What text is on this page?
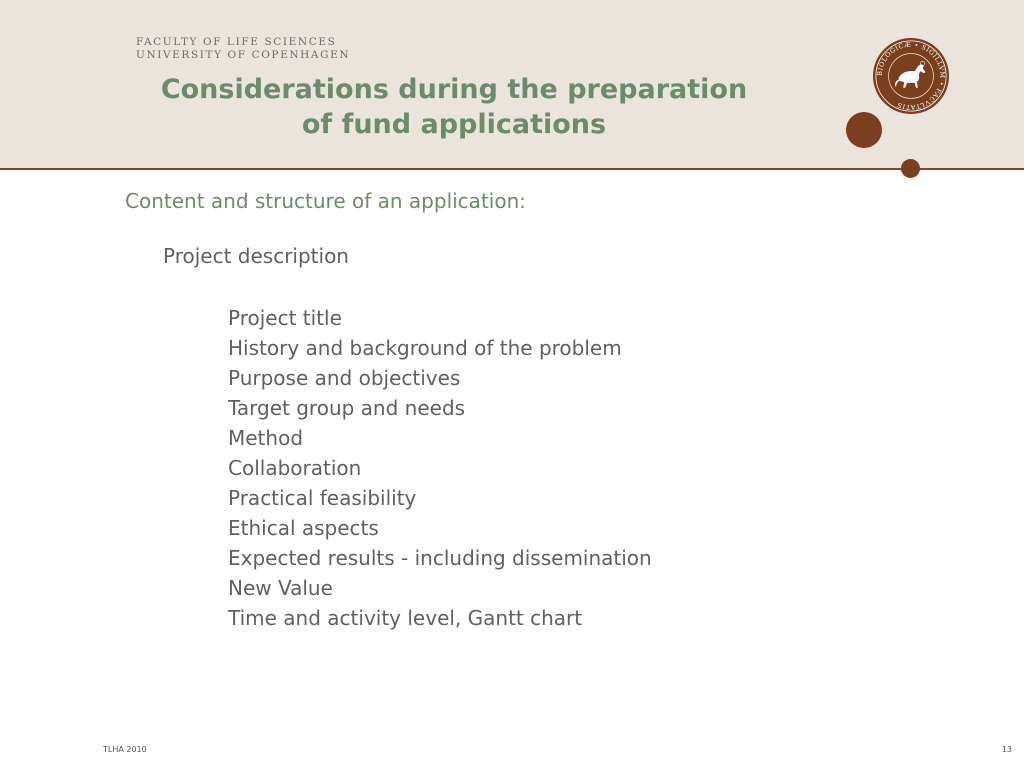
FACULTY OF LIFE SCIENCES
UNIVERSITY OF COPENHAGEN
Considerations during the preparation
of fund applications
BIOLOGICÆ • SIGILLVM • FACVLTATIS
Content and structure of an application:
Project description
Project title
History and background of the problem
Purpose and objectives
Target group and needs
Method
Collaboration
Practical feasibility
Ethical aspects
Expected results - including dissemination
New Value
Time and activity level, Gantt chart
TLHA 2010	13
